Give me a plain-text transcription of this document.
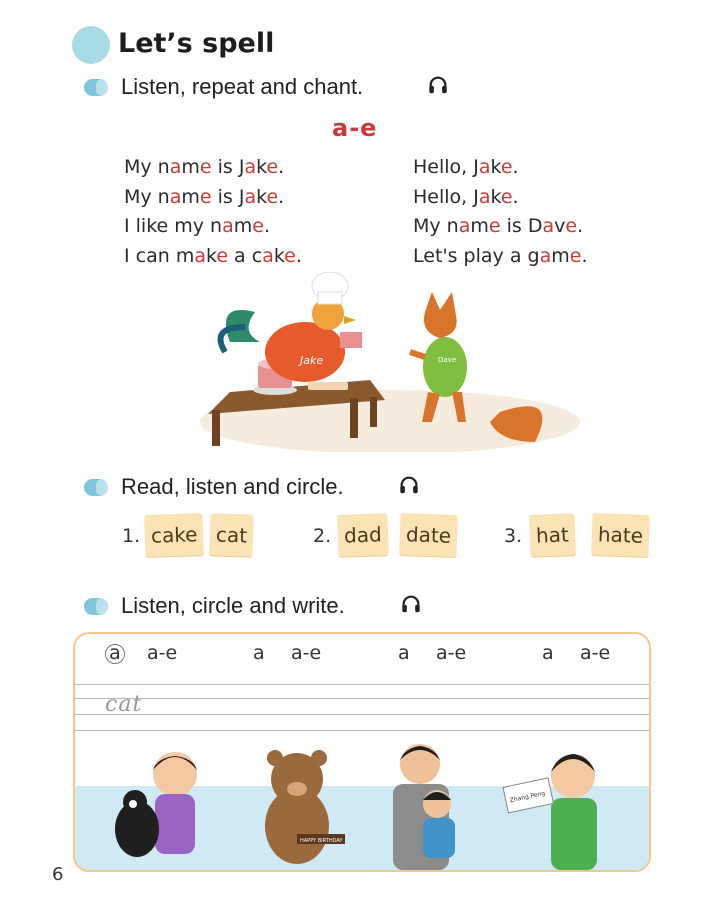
Let’s spell
Listen, repeat and chant.
a-e
My name is Jake.
My name is Jake.
I like my name.
I can make a cake.
Hello, Jake.
Hello, Jake.
My name is Dave.
Let's play a game.
Jake	Dave
Read, listen and circle.
1. cake cat	2. dad	date	3. hat	hate
Listen, circle and write.
a a-e	a a-e	a a-e	a a-e
cat
HAPPY BIRTHDAY
Zhang Peng
6
